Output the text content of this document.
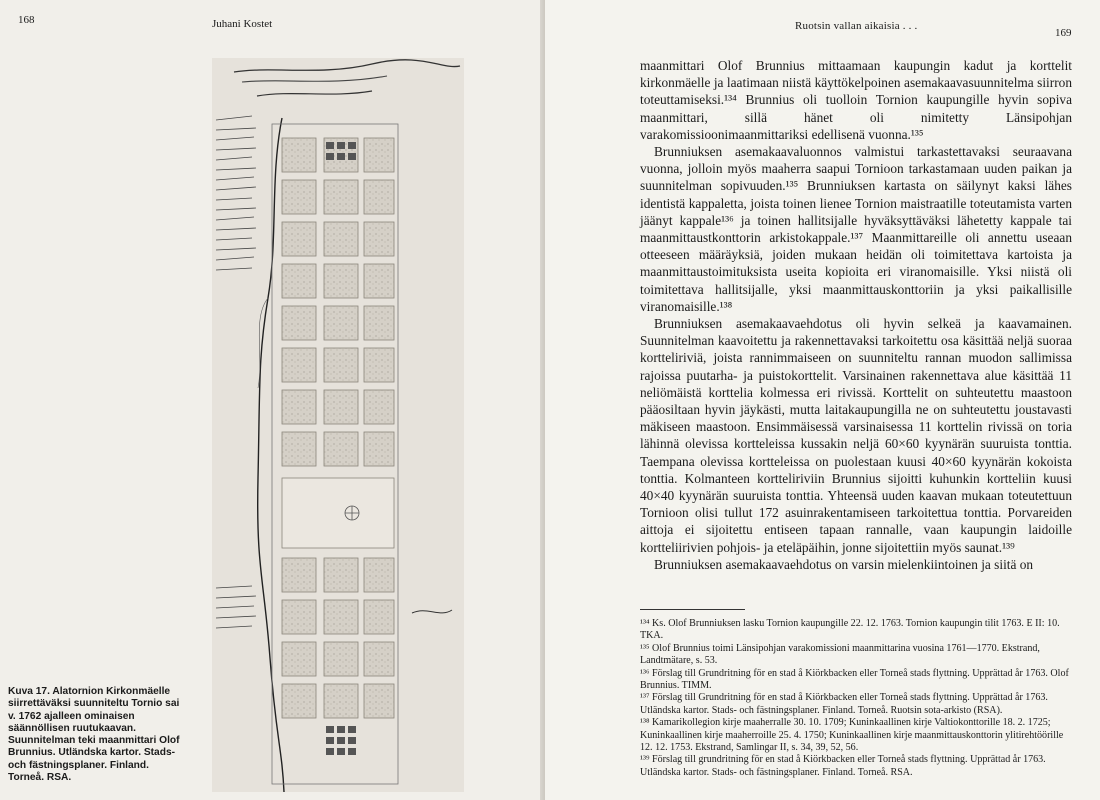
168	Juhani Kostet
Kuva 17. Alatornion Kirkonmäelle siirrettäväksi suunniteltu Tornio sai v. 1762 ajalleen ominaisen säännöllisen ruutukaavan. Suunnitelman teki maanmittari Olof Brunnius. Utländska kartor. Stads- och fästningsplaner. Finland. Torneå. RSA.
Ruotsin vallan aikaisia . . .
169

maanmittari Olof Brunnius mittaamaan kaupungin kadut ja korttelit kirkonmäelle ja laatimaan niistä käyttökelpoinen asemakaavasuunnitelma siirron toteuttamiseksi.¹³⁴ Brunnius oli tuolloin Tornion kaupungille hyvin sopiva maanmittari, sillä hänet oli nimitetty Länsipohjan varakomissioonimaanmittariksi edellisenä vuonna.¹³⁵

Brunniuksen asemakaavaluonnos valmistui tarkastettavaksi seuraavana vuonna, jolloin myös maaherra saapui Tornioon tarkastamaan uuden paikan ja suunnitelman sopivuuden.¹³⁵ Brunniuksen kartasta on säilynyt kaksi lähes identistä kappaletta, joista toinen lienee Tornion maistraatille toteutamista varten jäänyt kappale¹³⁶ ja toinen hallitsijalle hyväksyttäväksi lähetetty kappale tai maanmittaustkonttorin arkistokappale.¹³⁷ Maanmittareille oli annettu useaan otteeseen määräyksiä, joiden mukaan heidän oli toimitettava kartoista ja maanmittaustoimituksista useita kopioita eri viranomaisille. Yksi niistä oli toimitettava hallitsijalle, yksi maanmittauskonttoriin ja yksi paikallisille viranomaisille.¹³⁸

Brunniuksen asemakaavaehdotus oli hyvin selkeä ja kaavamainen. Suunnitelman kaavoitettu ja rakennettavaksi tarkoitettu osa käsittää neljä suoraa kortteliriviä, joista rannimmaiseen on suunniteltu rannan muodon sallimissa rajoissa puutarha- ja puistokorttelit. Varsinainen rakennettava alue käsittää 11 neliömäistä korttelia kolmessa eri rivissä. Korttelit on suhteutettu maastoon pääosiltaan hyvin jäykästi, mutta laitakaupungilla ne on suhteutettu joustavasti mäkiseen maastoon. Ensimmäisessä varsinaisessa 11 korttelin rivissä on toria lähinnä olevissa kortteleissa kussakin neljä 60×60 kyynärän suuruista tonttia. Taempana olevissa kortteleissa on puolestaan kuusi 40×60 kyynärän kokoista tonttia. Kolmanteen kortteliriviin Brunnius sijoitti kuhunkin kortteliin kuusi 40×40 kyynärän suuruista tonttia. Yhteensä uuden kaavan mukaan toteutettuun Tornioon olisi tullut 172 asuinrakentamiseen tarkoitettua tonttia. Porvareiden aittoja ei sijoitettu entiseen tapaan rannalle, vaan kaupungin laidoille kortteliirivien pohjois- ja eteläpäihin, jonne sijoitettiin myös saunat.¹³⁹

Brunniuksen asemakaavaehdotus on varsin mielenkiintoinen ja siitä on

¹³⁴ Ks. Olof Brunniuksen lasku Tornion kaupungille 22. 12. 1763. Tornion kaupungin tilit 1763. E II: 10. TKA.

¹³⁵ Olof Brunnius toimi Länsipohjan varakomissioni maanmittarina vuosina 1761—1770. Ekstrand, Landtmätare, s. 53.

¹³⁶ Förslag till Grundritning för en stad å Kiörkbacken eller Torneå stads flyttning. Upprättad år 1763. Olof Brunnius. TIMM.

¹³⁷ Förslag till Grundritning för en stad å Kiörkbacken eller Torneå stads flyttning. Upprättad år 1763. Utländska kartor. Stads- och fästningsplaner. Finland. Torneå. Ruotsin sota-arkisto (RSA).

¹³⁸ Kamarikollegion kirje maaherralle 30. 10. 1709; Kuninkaallinen kirje Valtiokonttorille 18. 2. 1725; Kuninkaallinen kirje maaherroille 25. 4. 1750; Kuninkaallinen kirje maanmittauskonttorin ylitirehtöörille 12. 12. 1753. Ekstrand, Samlingar II, s. 34, 39, 52, 56.

¹³⁹ Förslag till grundritning för en stad å Kiörkbacken eller Torneå stads flyttning. Upprättad år 1763. Utländska kartor. Stads- och fästningsplaner. Finland. Torneå. RSA.
